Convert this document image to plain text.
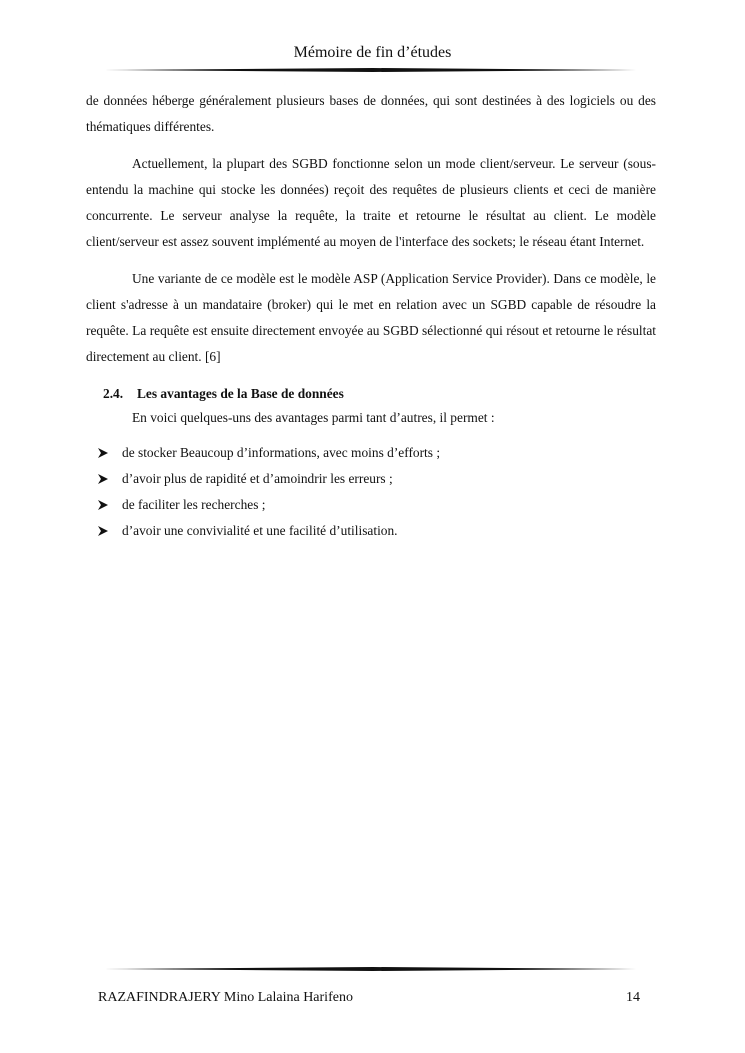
Mémoire de fin d’études

de données héberge généralement plusieurs bases de données, qui sont destinées à des logiciels ou des thématiques différentes.

Actuellement, la plupart des SGBD fonctionne selon un mode client/serveur. Le serveur (sous-entendu la machine qui stocke les données) reçoit des requêtes de plusieurs clients et ceci de manière concurrente. Le serveur analyse la requête, la traite et retourne le résultat au client. Le modèle client/serveur est assez souvent implémenté au moyen de l'interface des sockets; le réseau étant Internet.

Une variante de ce modèle est le modèle ASP (Application Service Provider). Dans ce modèle, le client s'adresse à un mandataire (broker) qui le met en relation avec un SGBD capable de résoudre la requête. La requête est ensuite directement envoyée au SGBD sélectionné qui résout et retourne le résultat directement au client. [6]

2.4. Les avantages de la Base de données
En voici quelques-uns des avantages parmi tant d’autres, il permet :
de stocker Beaucoup d’informations, avec moins d’efforts ;
d’avoir plus de rapidité et d’amoindrir les erreurs ;
de faciliter les recherches ;
d’avoir une convivialité et une facilité d’utilisation.
RAZAFINDRAJERY Mino Lalaina Harifeno	14
